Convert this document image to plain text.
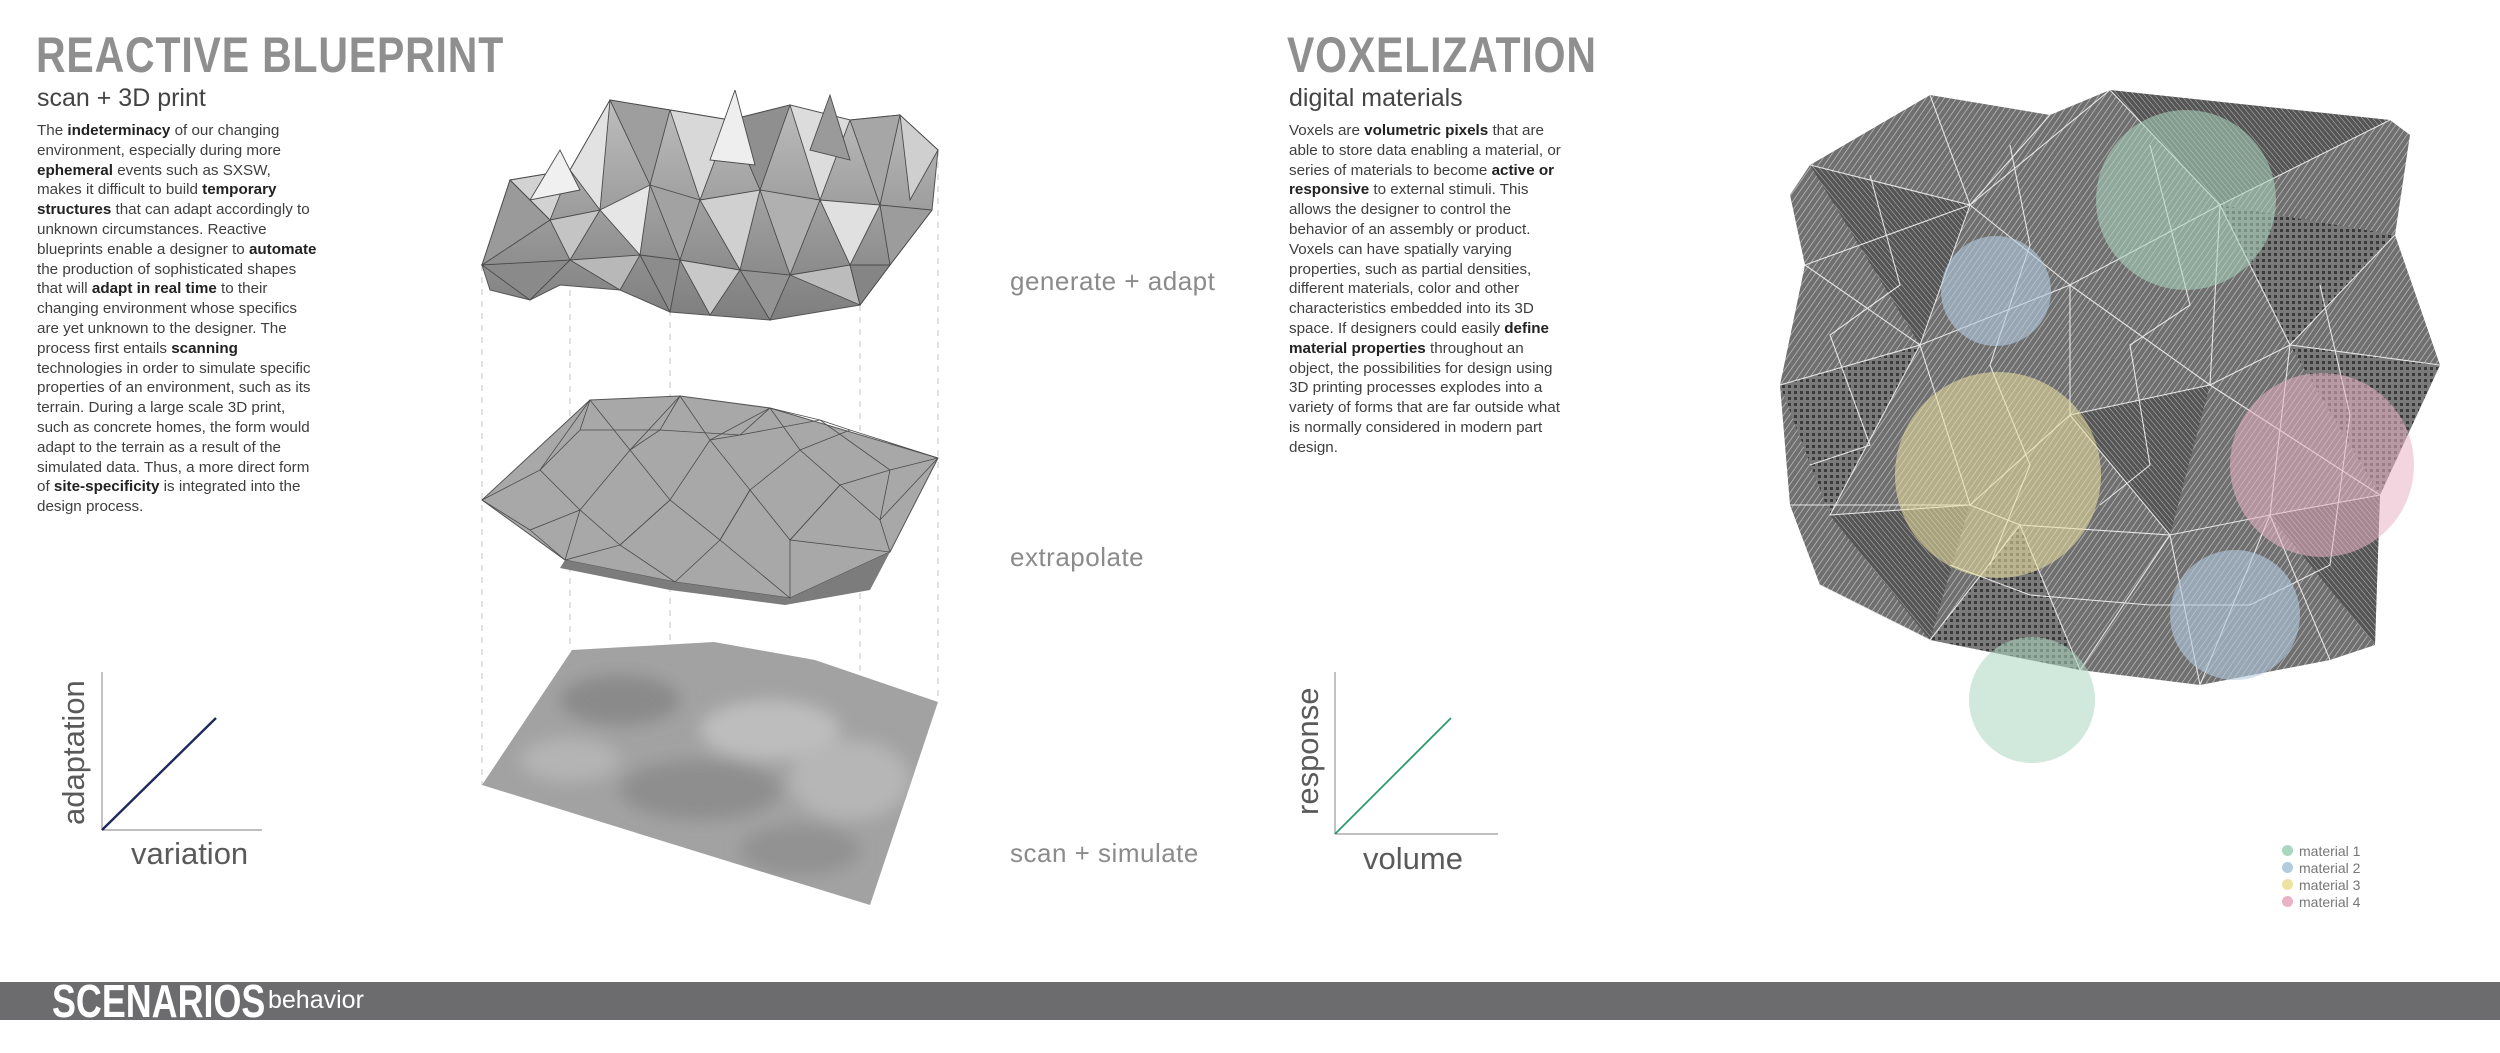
REACTIVE BLUEPRINT
scan + 3D print
The indeterminacy of our changing environment, especially during more ephemeral events such as SXSW, makes it difficult to build temporary structures that can adapt accordingly to unknown circumstances. Reactive blueprints enable a designer to automate the production of sophisticated shapes that will adapt in real time to their changing environment whose specifics are yet unknown to the designer. The process first entails scanning technologies in order to simulate specific properties of an environment, such as its terrain. During a large scale 3D print, such as concrete homes, the form would adapt to the terrain as a result of the simulated data. Thus, a more direct form of site-specificity is integrated into the design process.
adaptation
variation
generate + adapt
extrapolate
scan + simulate
VOXELIZATION
digital materials
Voxels are volumetric pixels that are able to store data enabling a material, or series of materials to become active or responsive to external stimuli. This allows the designer to control the behavior of an assembly or product. Voxels can have spatially varying properties, such as partial densities, different materials, color and other characteristics embedded into its 3D space. If designers could easily define material properties throughout an object, the possibilities for design using 3D printing processes explodes into a variety of forms that are far outside what is normally considered in modern part design.
response
volume	material 1
material 2
material 3
material 4
SCENARIOS behavior
